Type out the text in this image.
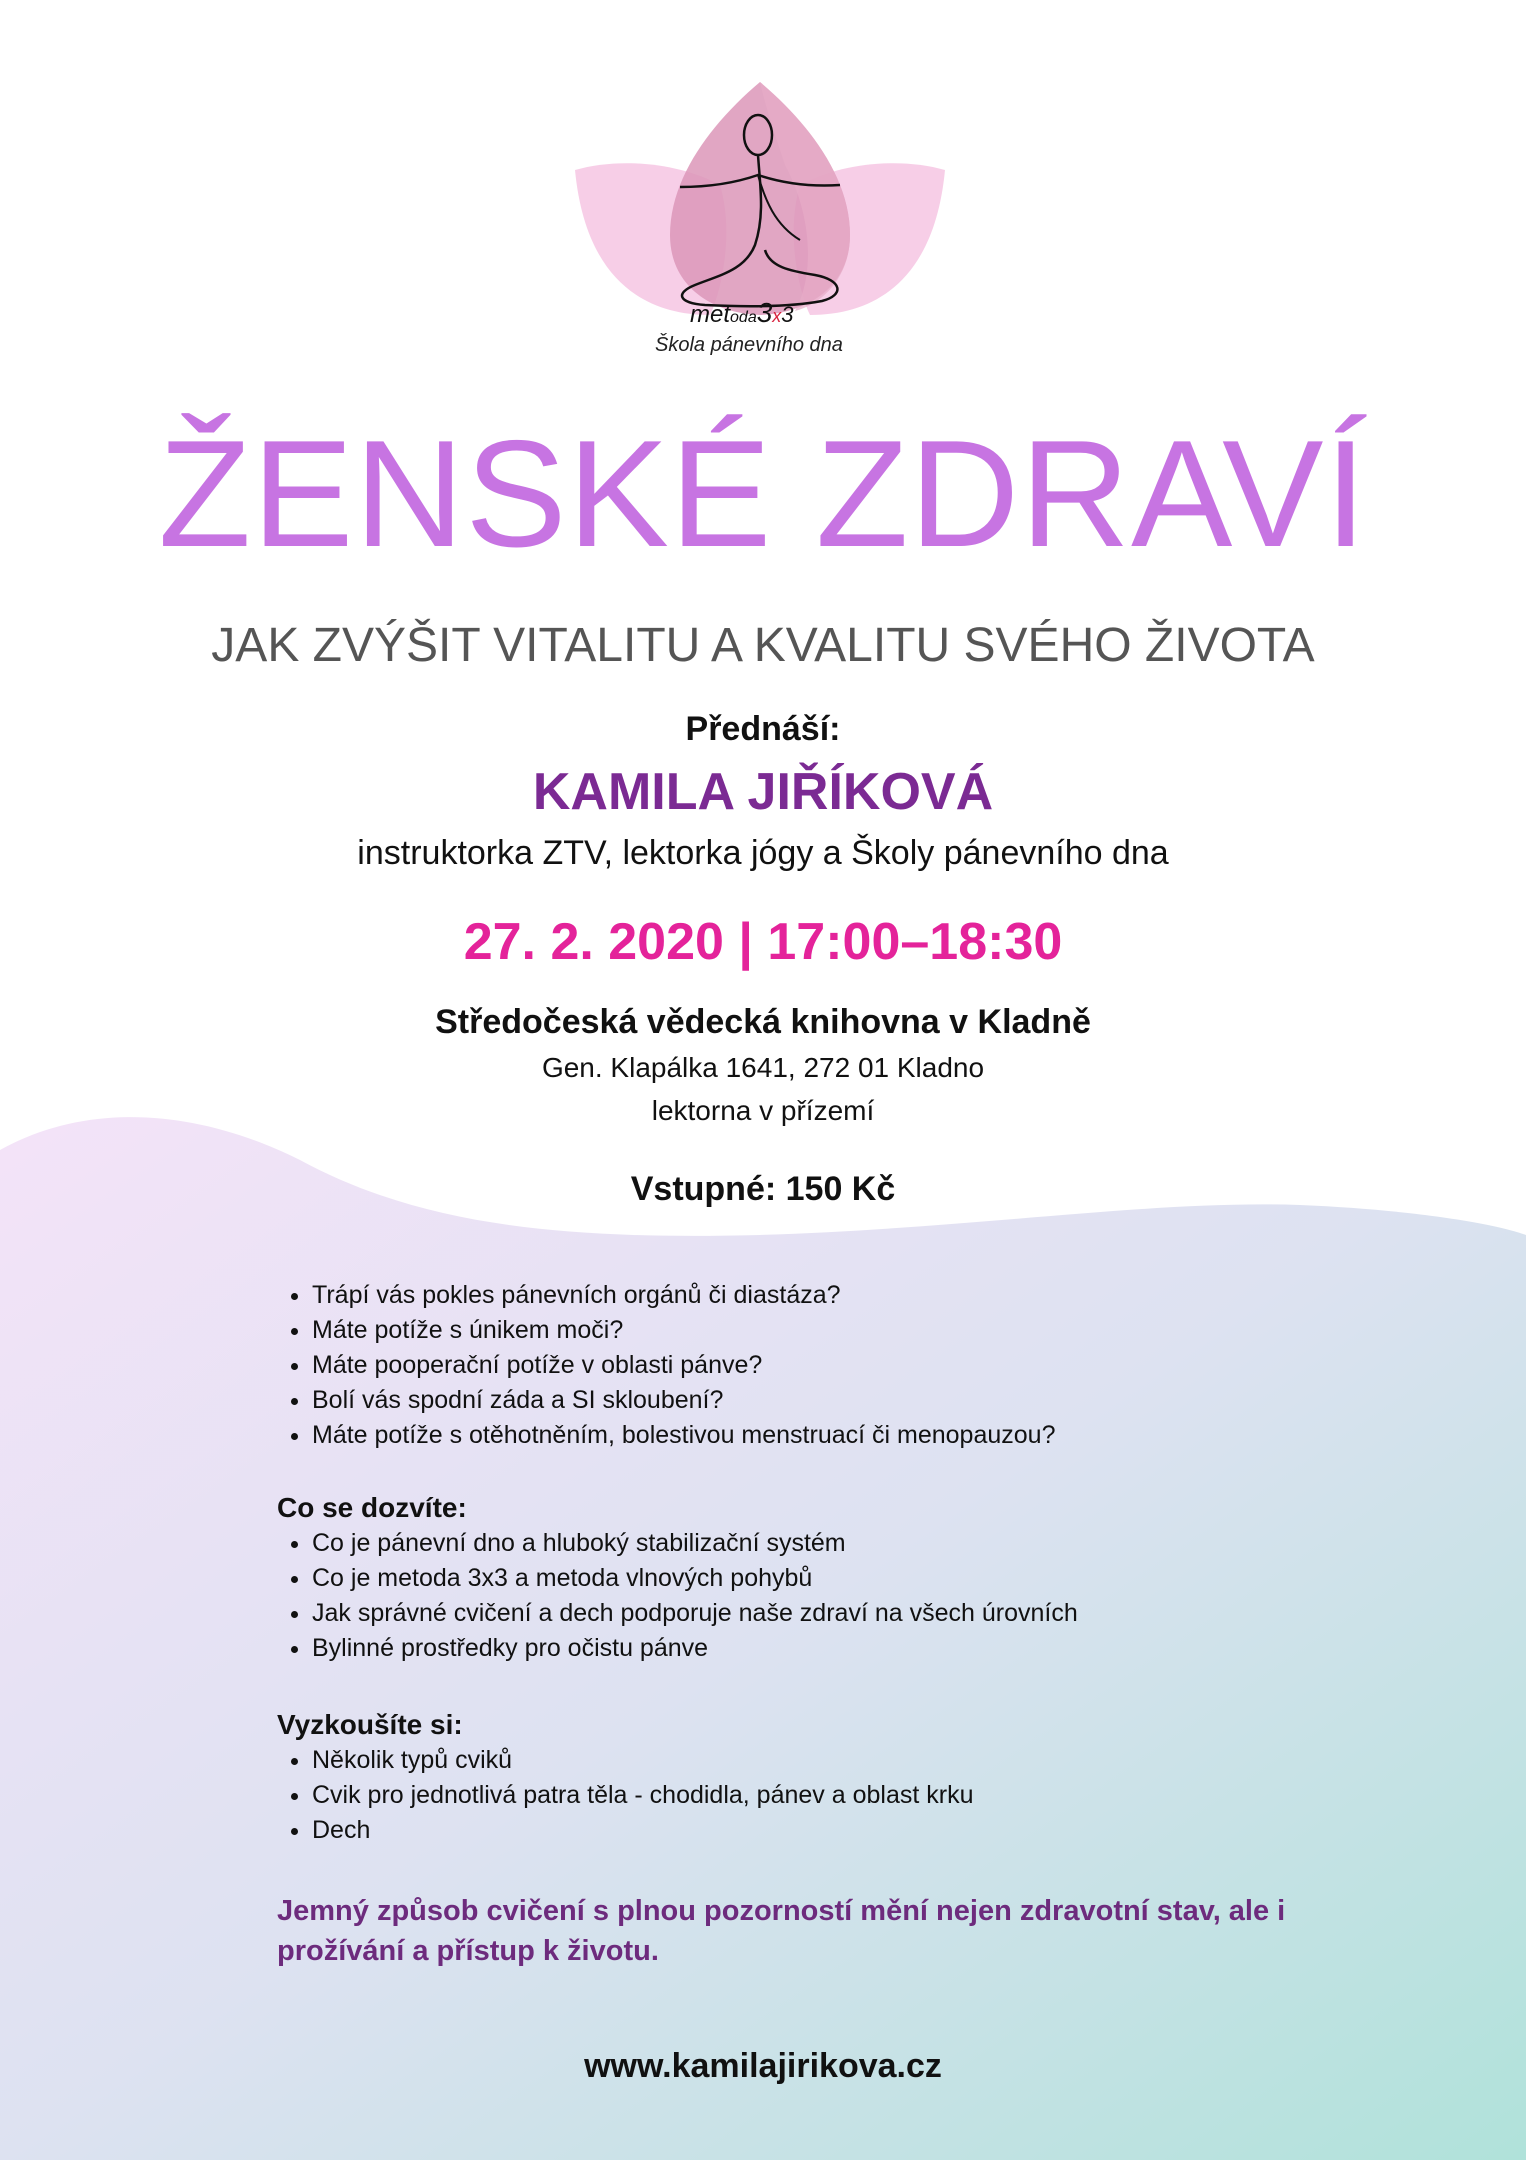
metoda3x3
Škola pánevního dna
ŽENSKÉ ZDRAVÍ
JAK ZVÝŠIT VITALITU A KVALITU SVÉHO ŽIVOTA
Přednáší:
KAMILA JIŘÍKOVÁ
instruktorka ZTV, lektorka jógy a Školy pánevního dna
27. 2. 2020 | 17:00–18:30
Středočeská vědecká knihovna v Kladně
Gen. Klapálka 1641, 272 01 Kladno
lektorna v přízemí
Vstupné: 150 Kč
• Trápí vás pokles pánevních orgánů či diastáza?
• Máte potíže s únikem moči?
• Máte pooperační potíže v oblasti pánve?
• Bolí vás spodní záda a SI skloubení?
• Máte potíže s otěhotněním, bolestivou menstruací či menopauzou?
Co se dozvíte:
• Co je pánevní dno a hluboký stabilizační systém
• Co je metoda 3x3 a metoda vlnových pohybů
• Jak správné cvičení a dech podporuje naše zdraví na všech úrovních
• Bylinné prostředky pro očistu pánve
Vyzkoušíte si:
• Několik typů cviků
• Cvik pro jednotlivá patra těla - chodidla, pánev a oblast krku
• Dech
Jemný způsob cvičení s plnou pozorností mění nejen zdravotní stav, ale i prožívání a přístup k životu.
www.kamilajirikova.cz
